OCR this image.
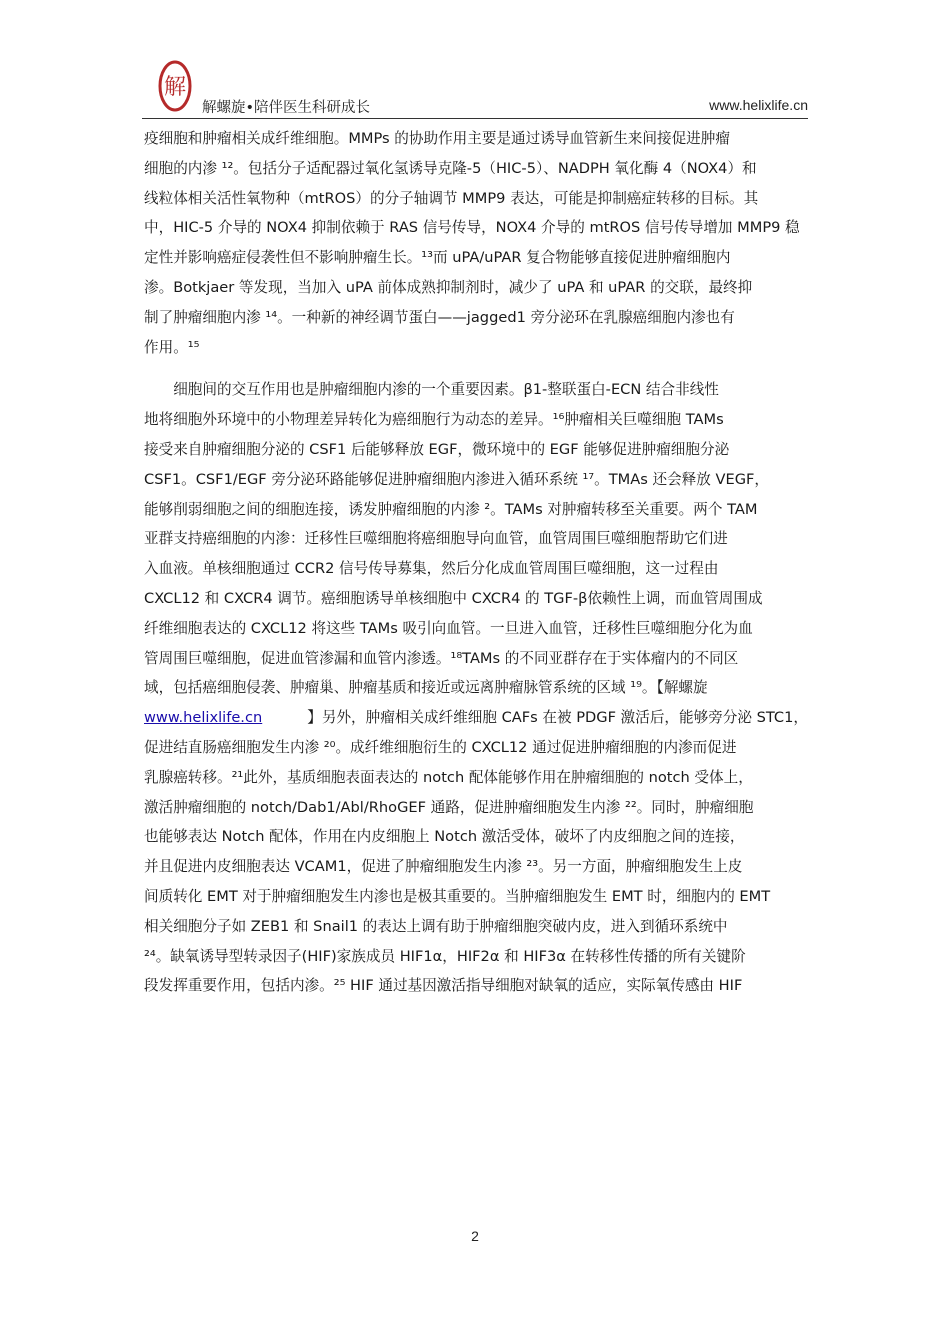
解
解螺旋•陪伴医生科研成长	www.helixlife.cn
疫细胞和肿瘤相关成纤维细胞。MMPs 的协助作用主要是通过诱导血管新生来间接促进肿瘤
细胞的内渗 ¹²。包括分子适配器过氧化氢诱导克隆-5（HIC-5）、NADPH 氧化酶 4（NOX4）和
线粒体相关活性氧物种（mtROS）的分子轴调节 MMP9 表达，可能是抑制癌症转移的目标。其
中，HIC-5 介导的 NOX4 抑制依赖于 RAS 信号传导，NOX4 介导的 mtROS 信号传导增加 MMP9 稳
定性并影响癌症侵袭性但不影响肿瘤生长。¹³而 uPA/uPAR 复合物能够直接促进肿瘤细胞内
渗。Botkjaer 等发现，当加入 uPA 前体成熟抑制剂时，减少了 uPA 和 uPAR 的交联，最终抑
制了肿瘤细胞内渗 ¹⁴。一种新的神经调节蛋白——jagged1 旁分泌环在乳腺癌细胞内渗也有
作用。¹⁵
　　细胞间的交互作用也是肿瘤细胞内渗的一个重要因素。β1-整联蛋白-ECN 结合非线性
地将细胞外环境中的小物理差异转化为癌细胞行为动态的差异。¹⁶肿瘤相关巨噬细胞 TAMs
接受来自肿瘤细胞分泌的 CSF1 后能够释放 EGF，微环境中的 EGF 能够促进肿瘤细胞分泌
CSF1。CSF1/EGF 旁分泌环路能够促进肿瘤细胞内渗进入循环系统 ¹⁷。TMAs 还会释放 VEGF，
能够削弱细胞之间的细胞连接，诱发肿瘤细胞的内渗 ²。TAMs 对肿瘤转移至关重要。两个 TAM
亚群支持癌细胞的内渗：迁移性巨噬细胞将癌细胞导向血管，血管周围巨噬细胞帮助它们进
入血液。单核细胞通过 CCR2 信号传导募集，然后分化成血管周围巨噬细胞，这一过程由
CXCL12 和 CXCR4 调节。癌细胞诱导单核细胞中 CXCR4 的 TGF-β依赖性上调，而血管周围成
纤维细胞表达的 CXCL12 将这些 TAMs 吸引向血管。一旦进入血管，迁移性巨噬细胞分化为血
管周围巨噬细胞，促进血管渗漏和血管内渗透。¹⁸TAMs 的不同亚群存在于实体瘤内的不同区
域，包括癌细胞侵袭、肿瘤巢、肿瘤基质和接近或远离肿瘤脉管系统的区域 ¹⁹。【解螺旋
www.helixlife.cn	】另外，肿瘤相关成纤维细胞 CAFs 在被 PDGF 激活后，能够旁分泌 STC1，
促进结直肠癌细胞发生内渗 ²⁰。成纤维细胞衍生的 CXCL12 通过促进肿瘤细胞的内渗而促进
乳腺癌转移。²¹此外，基质细胞表面表达的 notch 配体能够作用在肿瘤细胞的 notch 受体上，
激活肿瘤细胞的 notch/Dab1/Abl/RhoGEF 通路，促进肿瘤细胞发生内渗 ²²。同时，肿瘤细胞
也能够表达 Notch 配体，作用在内皮细胞上 Notch 激活受体，破坏了内皮细胞之间的连接，
并且促进内皮细胞表达 VCAM1，促进了肿瘤细胞发生内渗 ²³。另一方面，肿瘤细胞发生上皮
间质转化 EMT 对于肿瘤细胞发生内渗也是极其重要的。当肿瘤细胞发生 EMT 时，细胞内的 EMT
相关细胞分子如 ZEB1 和 Snail1 的表达上调有助于肿瘤细胞突破内皮，进入到循环系统中
²⁴。缺氧诱导型转录因子(HIF)家族成员 HIF1α，HIF2α 和 HIF3α 在转移性传播的所有关键阶
段发挥重要作用，包括内渗。²⁵ HIF 通过基因激活指导细胞对缺氧的适应，实际氧传感由 HIF
2
